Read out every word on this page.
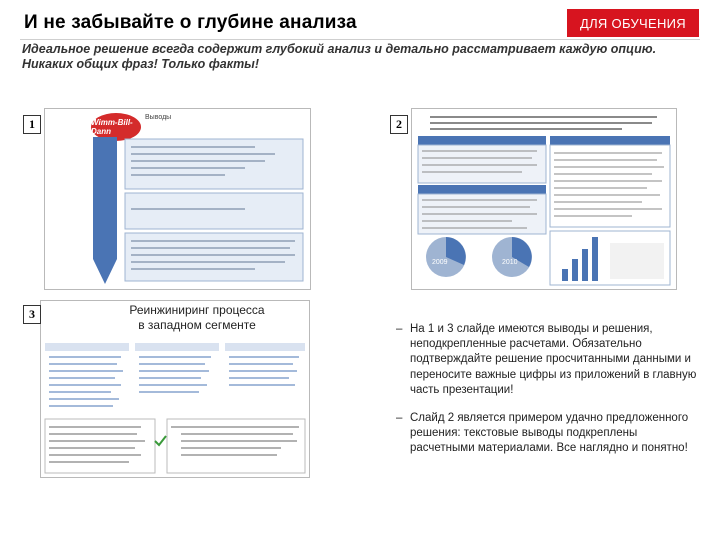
И не забывайте о глубине анализа	ДЛЯ ОБУЧЕНИЯ
Идеальное решение всегда содержит глубокий анализ и детально рассматривает каждую опцию.
Никаких общих фраз! Только факты!
Wimm-Bill-Dann
Выводы
1
2009	2010
2
Реинжиниринг процесса
в западном сегменте
3
– На 1 и 3 слайде имеются выводы и решения, неподкрепленные расчетами. Обязательно подтверждайте решение просчитанными данными и переносите важные цифры из приложений в главную часть презентации!
– Слайд 2 является примером удачно предложенного решения: текстовые выводы подкреплены расчетными материалами. Все наглядно и понятно!
